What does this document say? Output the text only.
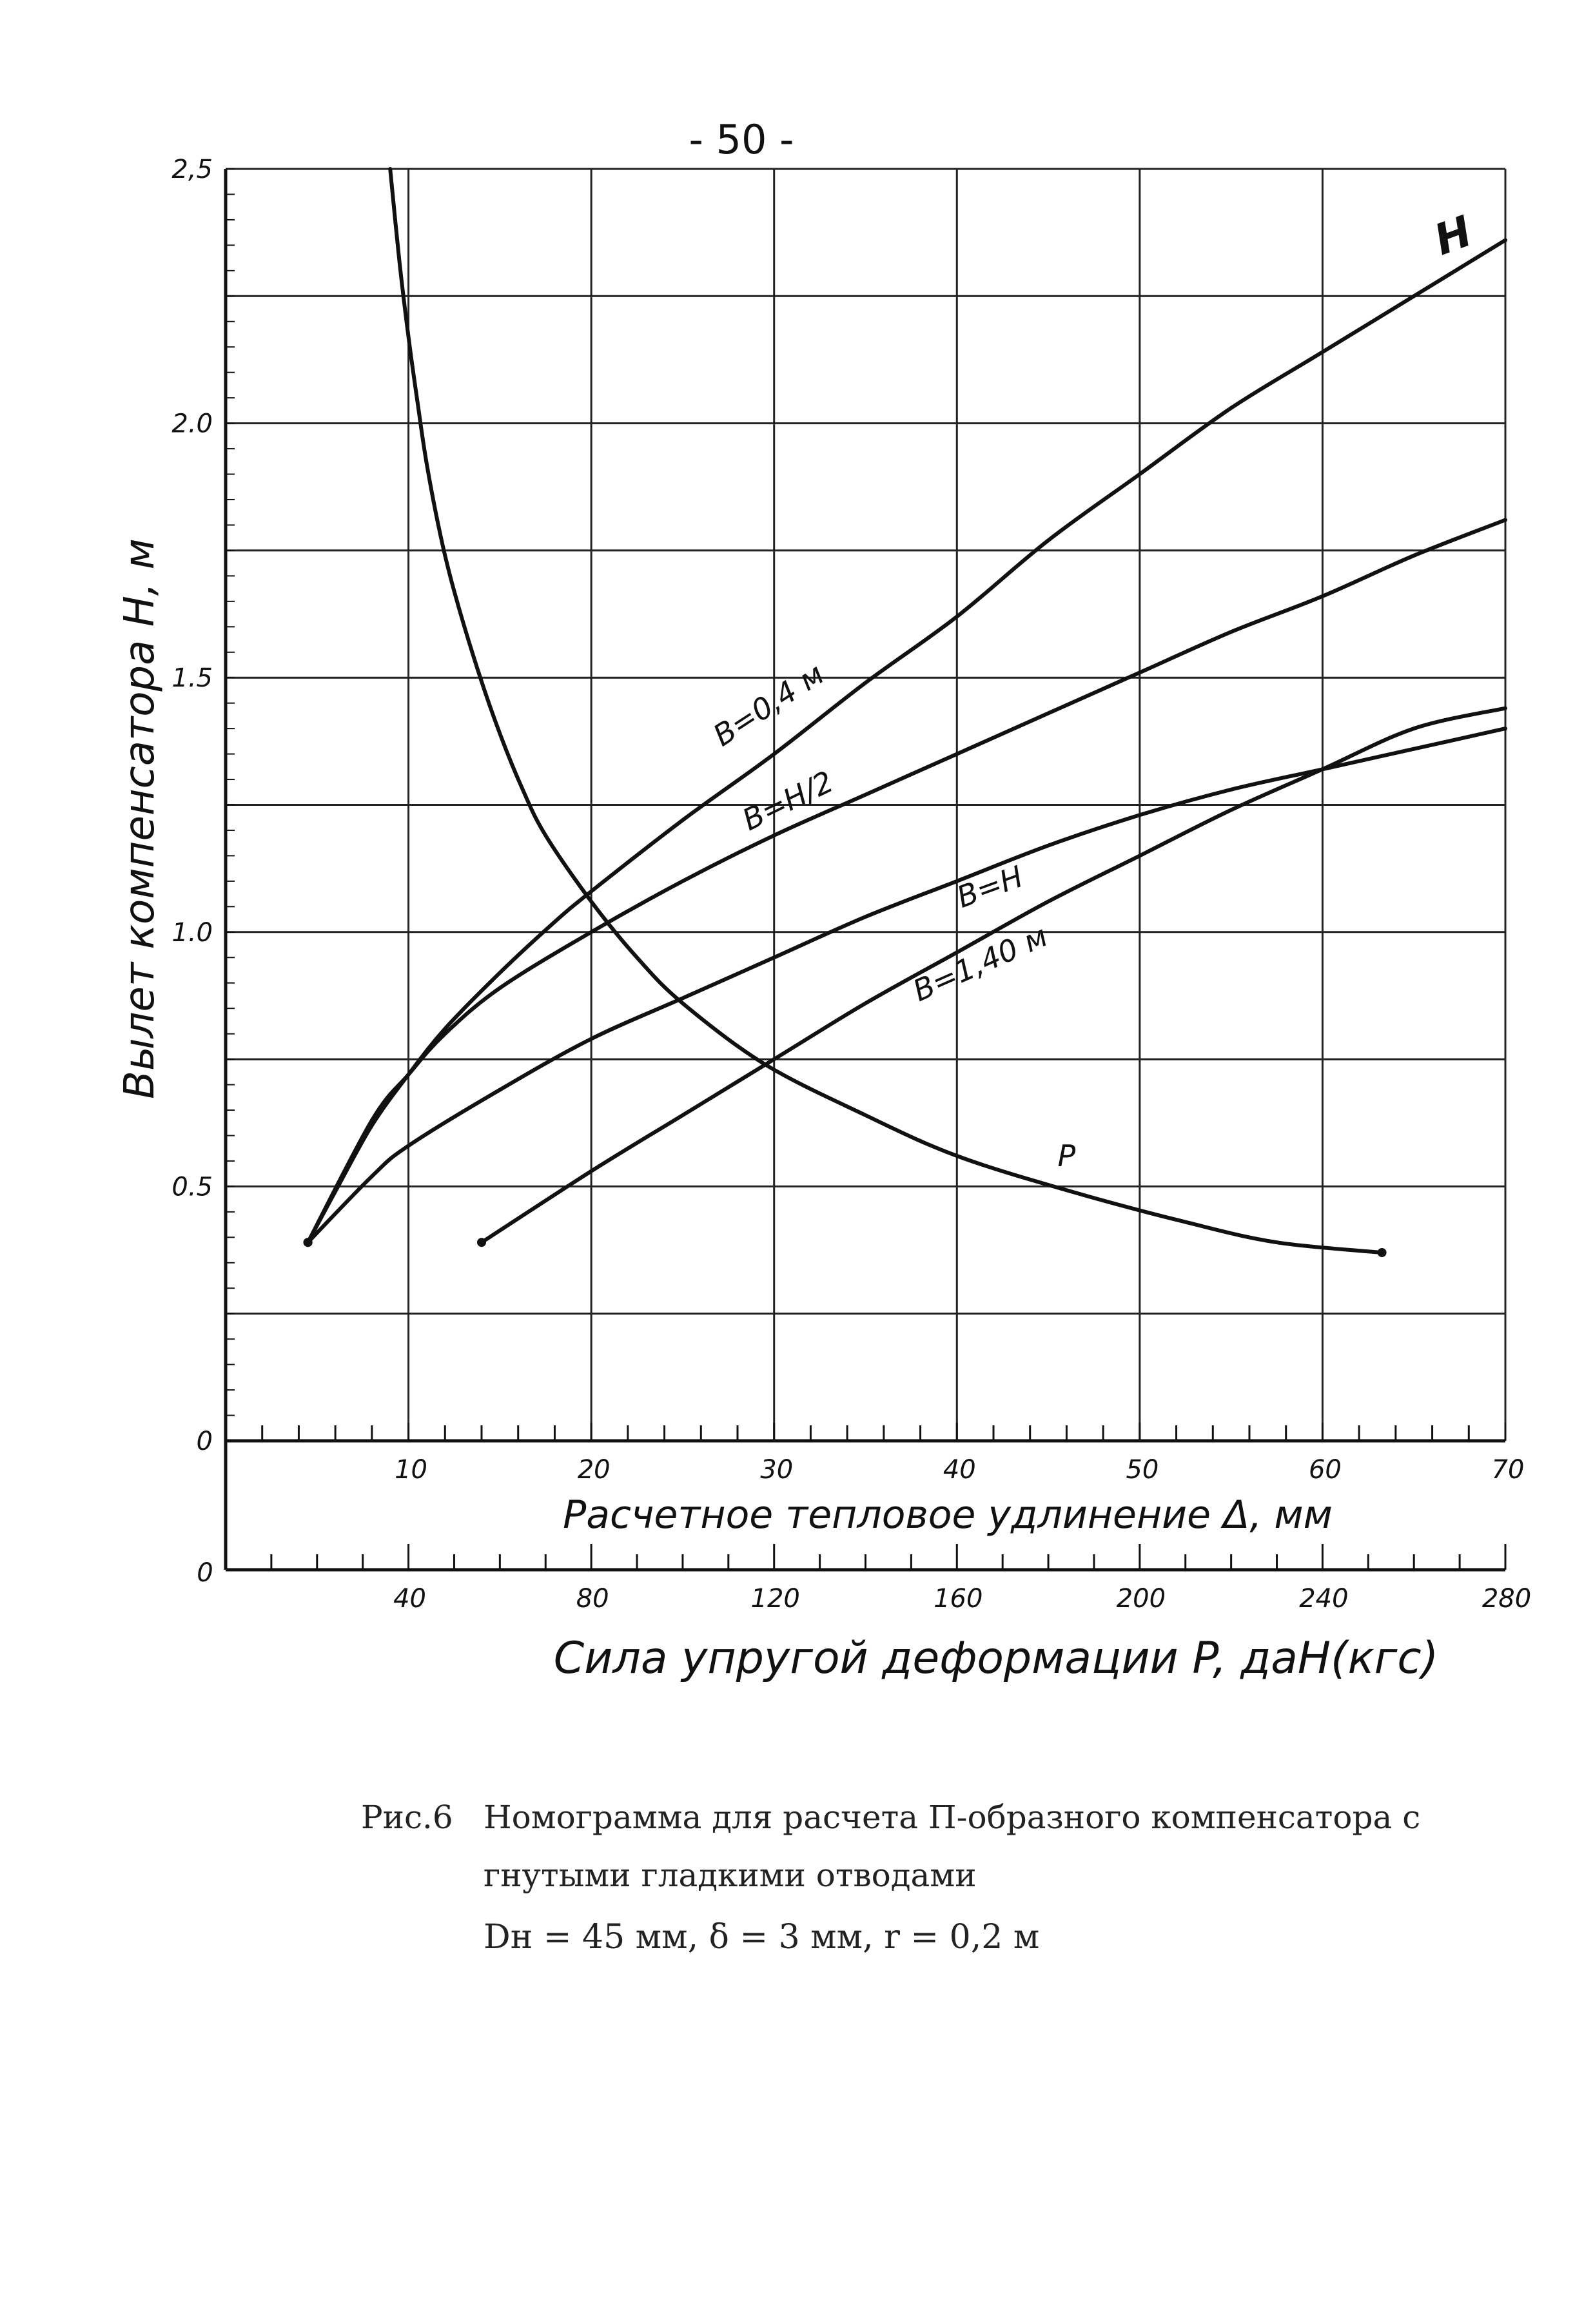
- 50 -
0
0.5
1.0
1.5
2.0
2,5
10	20	30	40	50	60	70
0
40	80	120	160	200	240	280
Вылет компенсатора H, м
Расчетное тепловое удлинение Δ, мм
Сила упругой деформации P, даН(кгс)
B=0,4 м
B=H/2
B=H
B=1,40 м
P
H
Рис.6 Номограмма для расчета П-образного компенсатора с
гнутыми гладкими отводами
Dн = 45 мм, δ = 3 мм, r = 0,2 м
